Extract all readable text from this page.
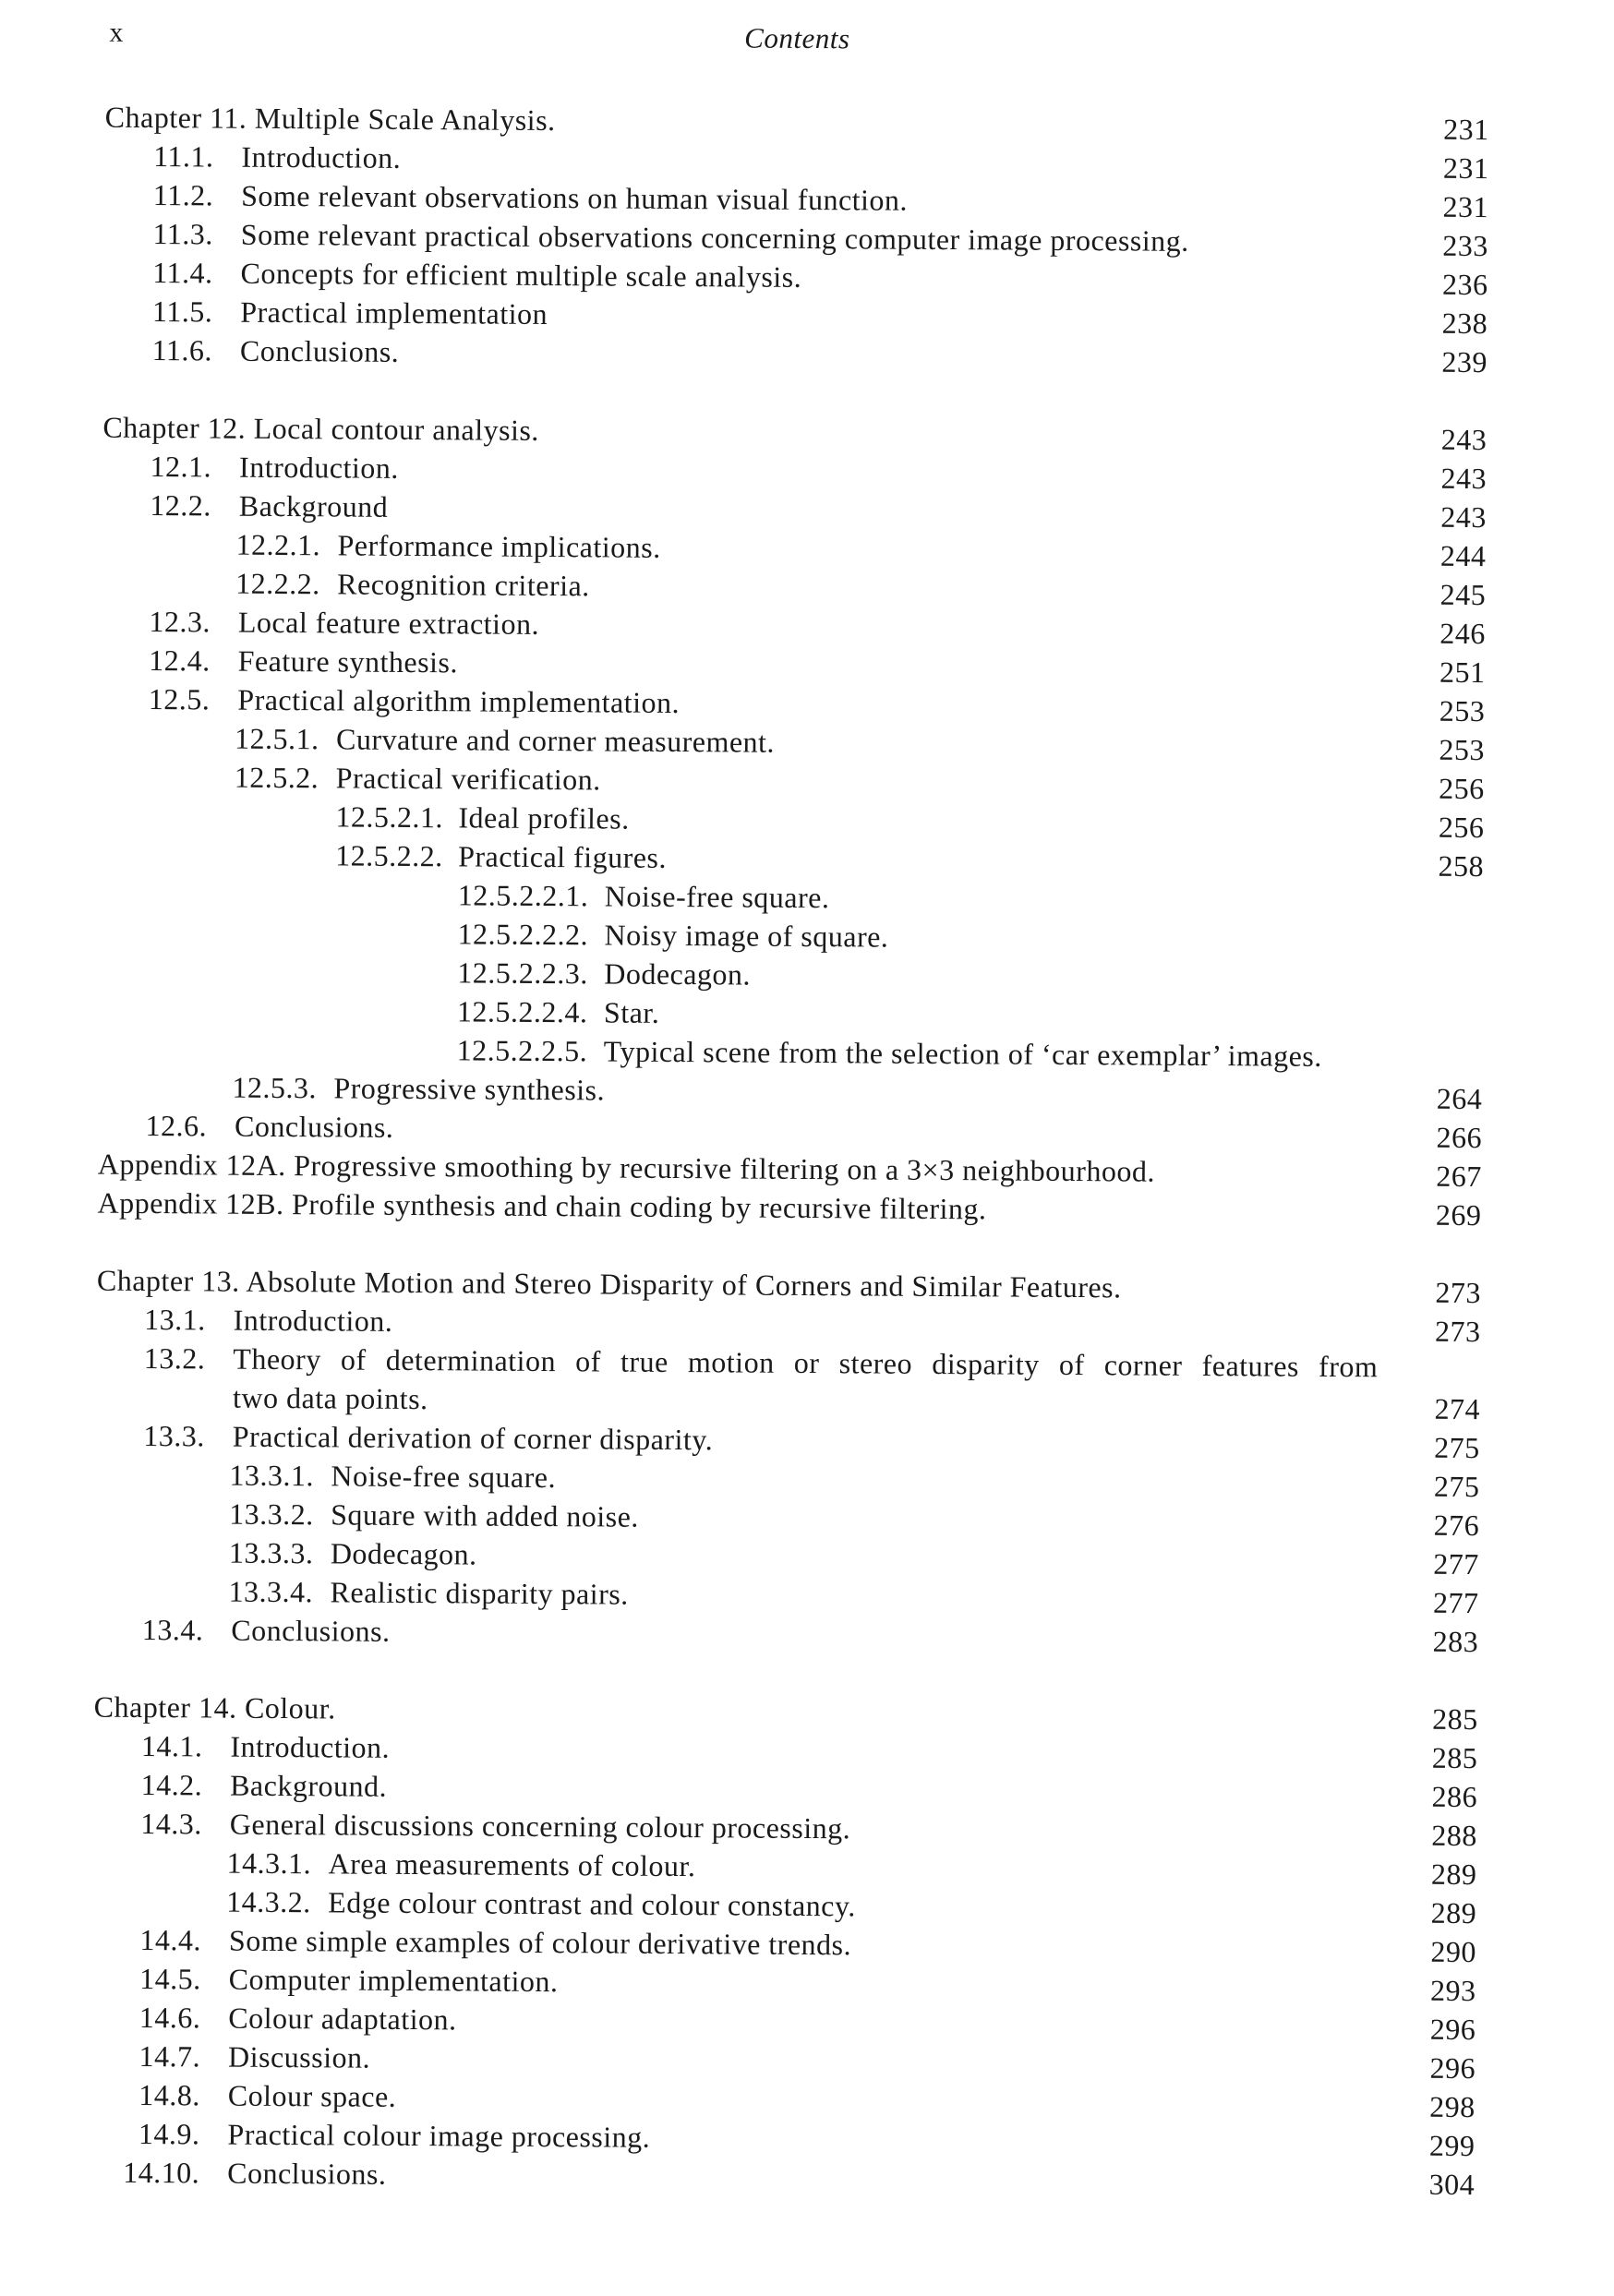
x	Contents
Chapter 11. Multiple Scale Analysis.	231
11.1. Introduction.	231
11.2. Some relevant observations on human visual function.	231
11.3. Some relevant practical observations concerning computer image processing.	233
11.4. Concepts for efficient multiple scale analysis.	236
11.5. Practical implementation	238
11.6. Conclusions.	239
Chapter 12. Local contour analysis.	243
12.1. Introduction.	243
12.2. Background	243
12.2.1. Performance implications.	244
12.2.2. Recognition criteria.	245
12.3. Local feature extraction.	246
12.4. Feature synthesis.	251
12.5. Practical algorithm implementation.	253
12.5.1. Curvature and corner measurement.	253
12.5.2. Practical verification.	256
12.5.2.1. Ideal profiles.	256
12.5.2.2. Practical figures.	258
12.5.2.2.1. Noise-free square.
12.5.2.2.2. Noisy image of square.
12.5.2.2.3. Dodecagon.
12.5.2.2.4. Star.
12.5.2.2.5. Typical scene from the selection of ‘car exemplar’ images.
12.5.3. Progressive synthesis.	264
12.6. Conclusions.	266
Appendix 12A. Progressive smoothing by recursive filtering on a 3×3 neighbourhood.	267
Appendix 12B. Profile synthesis and chain coding by recursive filtering.	269
Chapter 13. Absolute Motion and Stereo Disparity of Corners and Similar Features.	273
13.1. Introduction.	273
13.2. Theory of determination of true motion or stereo disparity of corner features from
two data points.	274
13.3. Practical derivation of corner disparity.	275
13.3.1. Noise-free square.	275
13.3.2. Square with added noise.	276
13.3.3. Dodecagon.	277
13.3.4. Realistic disparity pairs.	277
13.4. Conclusions.	283
Chapter 14. Colour.	285
14.1. Introduction.	285
14.2. Background.	286
14.3. General discussions concerning colour processing.	288
14.3.1. Area measurements of colour.	289
14.3.2. Edge colour contrast and colour constancy.	289
14.4. Some simple examples of colour derivative trends.	290
14.5. Computer implementation.	293
14.6. Colour adaptation.	296
14.7. Discussion.	296
14.8. Colour space.	298
14.9. Practical colour image processing.	299
14.10. Conclusions.	304
